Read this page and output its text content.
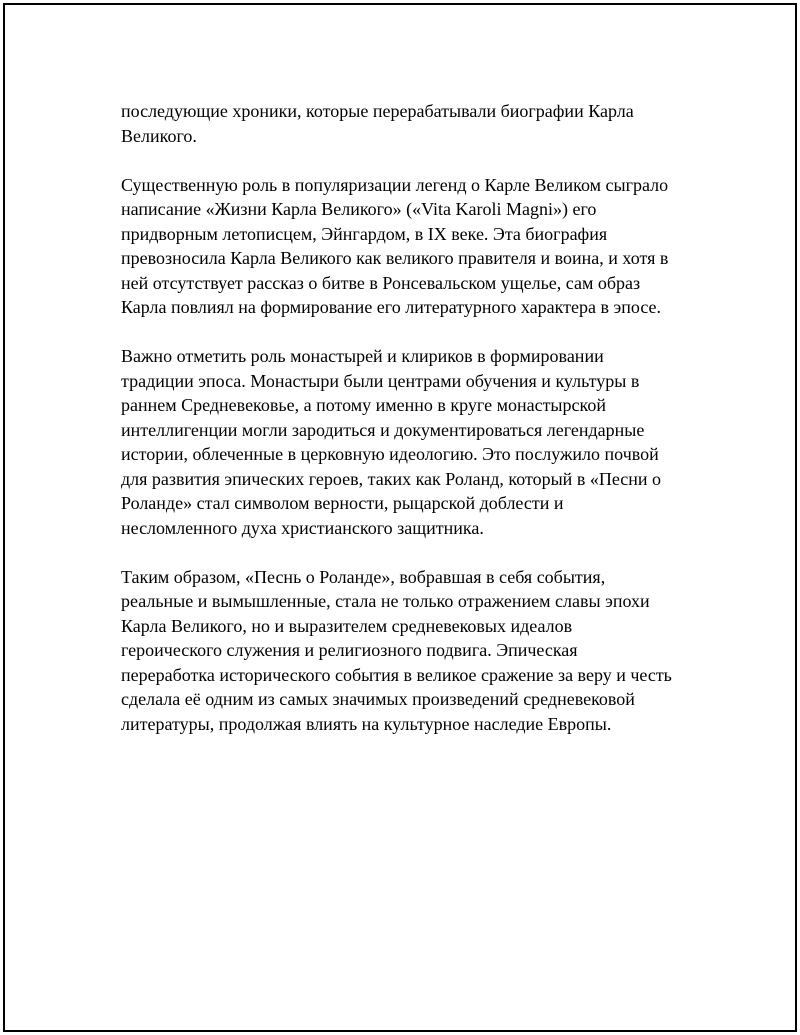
последующие хроники, которые перерабатывали биографии Карла
Великого.

Существенную роль в популяризации легенд о Карле Великом сыграло
написание «Жизни Карла Великого» («Vita Karoli Magni») его
придворным летописцем, Эйнгардом, в IX веке. Эта биография
превозносила Карла Великого как великого правителя и воина, и хотя в
ней отсутствует рассказ о битве в Ронсевальском ущелье, сам образ
Карла повлиял на формирование его литературного характера в эпосе.

Важно отметить роль монастырей и клириков в формировании
традиции эпоса. Монастыри были центрами обучения и культуры в
раннем Средневековье, а потому именно в круге монастырской
интеллигенции могли зародиться и документироваться легендарные
истории, облеченные в церковную идеологию. Это послужило почвой
для развития эпических героев, таких как Роланд, который в «Песни о
Роланде» стал символом верности, рыцарской доблести и
несломленного духа христианского защитника.

Таким образом, «Песнь о Роланде», вобравшая в себя события,
реальные и вымышленные, стала не только отражением славы эпохи
Карла Великого, но и выразителем средневековых идеалов
героического служения и религиозного подвига. Эпическая
переработка исторического события в великое сражение за веру и честь
сделала её одним из самых значимых произведений средневековой
литературы, продолжая влиять на культурное наследие Европы.
